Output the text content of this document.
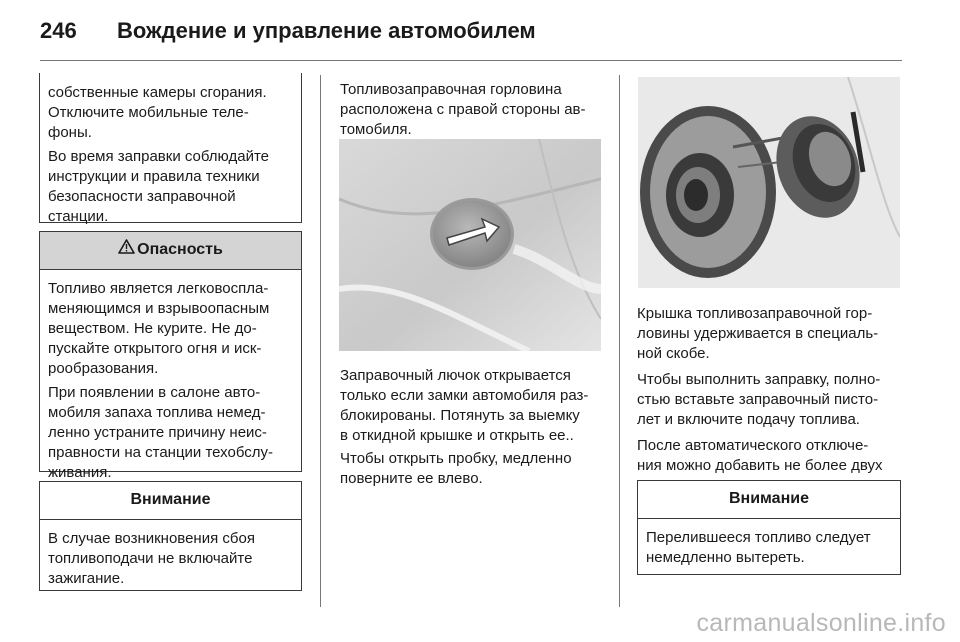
246 Вождение и управление автомобилем

собственные камеры сгорания.
Отключите мобильные теле-
фоны.

Во время заправки соблюдайте
инструкции и правила техники
безопасности заправочной
станции.

Опасность

Топливо является легковоспла-
меняющимся и взрывоопасным
веществом. Не курите. Не до-
пускайте открытого огня и иск-
рообразования.

При появлении в салоне авто-
мобиля запаха топлива немед-
ленно устраните причину неис-
правности на станции техобслу-
живания.

Внимание

В случае возникновения сбоя
топливоподачи не включайте
зажигание.

Топливозаправочная горловина
расположена с правой стороны ав-
томобиля.

Заправочный лючок открывается
только если замки автомобиля раз-
блокированы. Потянуть за выемку
в откидной крышке и открыть ее..

Чтобы открыть пробку, медленно
поверните ее влево.

Крышка топливозаправочной гор-
ловины удерживается в специаль-
ной скобе.

Чтобы выполнить заправку, полно-
стью вставьте заправочный писто-
лет и включите подачу топлива.

После автоматического отключе-
ния можно добавить не более двух

Внимание

Перелившееся топливо следует
немедленно вытереть.

carmanualsonline.info
